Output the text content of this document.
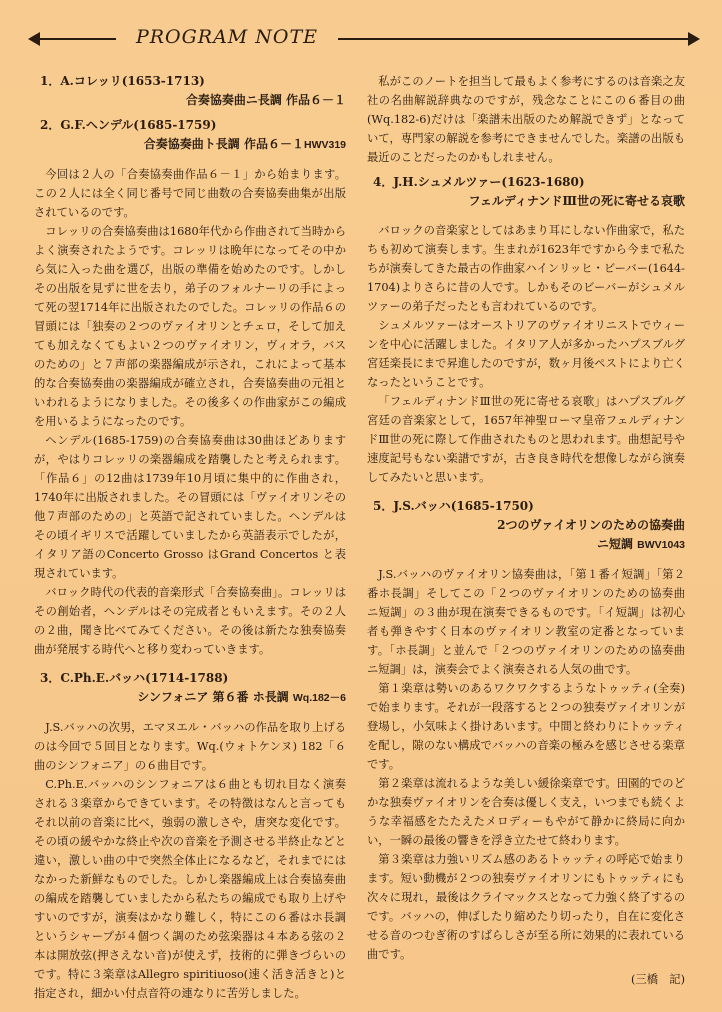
PROGRAM NOTE
1．A.コレッリ(1653-1713)
合奏協奏曲ニ長調 作品６－１
2．G.F.ヘンデル(1685-1759)
合奏協奏曲ト長調 作品６－１HWV319

今回は２人の「合奏協奏曲作品６－１」から始まります。この２人には全く同じ番号で同じ曲数の合奏協奏曲集が出版されているのです。

コレッリの合奏協奏曲は1680年代から作曲されて当時からよく演奏されたようです。コレッリは晩年になってその中から気に入った曲を選び，出版の準備を始めたのです。しかしその出版を見ずに世を去り，弟子のフォルナーリの手によって死の翌1714年に出版されたのでした。コレッリの作品６の冒頭には「独奏の２つのヴァイオリンとチェロ，そして加えても加えなくてもよい２つのヴァイオリン，ヴィオラ，バスのための」と７声部の楽器編成が示され，これによって基本的な合奏協奏曲の楽器編成が確立され，合奏協奏曲の元祖といわれるようになりました。その後多くの作曲家がこの編成を用いるようになったのです。

ヘンデル(1685-1759)の合奏協奏曲は30曲ほどありますが，やはりコレッリの楽器編成を踏襲したと考えられます。「作品６」の12曲は1739年10月頃に集中的に作曲され，1740年に出版されました。その冒頭には「ヴァイオリンその他７声部のための」と英語で記されていました。ヘンデルはその頃イギリスで活躍していましたから英語表示でしたが，イタリア語のConcerto Grosso はGrand Concertos と表現されています。

バロック時代の代表的音楽形式「合奏協奏曲」。コレッリはその創始者，ヘンデルはその完成者ともいえます。その２人の２曲，聞き比べてみてください。その後は新たな独奏協奏曲が発展する時代へと移り変わっていきます。

3．C.Ph.E.バッハ(1714-1788)
シンフォニア 第６番 ホ長調 Wq.182－6

J.S.バッハの次男，エマヌエル・バッハの作品を取り上げるのは今回で５回目となります。Wq.(ウォトケンヌ) 182「６曲のシンフォニア」の６曲目です。

C.Ph.E.バッハのシンフォニアは６曲とも切れ目なく演奏される３楽章からできています。その特徴はなんと言ってもそれ以前の音楽に比べ，強弱の激しさや，唐突な変化です。その頃の緩やかな終止や次の音楽を予測させる半終止などと違い，激しい曲の中で突然全体止になるなど，それまでにはなかった新鮮なものでした。しかし楽器編成上は合奏協奏曲の編成を踏襲していましたから私たちの編成でも取り上げやすいのですが，演奏はかなり難しく，特にこの６番はホ長調というシャープが４個つく調のため弦楽器は４本ある弦の２本は開放弦(押さえない音)が使えず，技術的に弾きづらいのです。特に３楽章はAllegro spiritiuoso(速く活き活きと)と指定され，細かい付点音符の連なりに苦労しました。

私がこのノートを担当して最もよく参考にするのは音楽之友社の名曲解説辞典なのですが，残念なことにこの６番目の曲(Wq.182-6)だけは「楽譜未出版のため解説できず」となっていて，専門家の解説を参考にできませんでした。楽譜の出版も最近のことだったのかもしれません。

4．J.H.シュメルツァー(1623-1680)
フェルディナンドⅢ世の死に寄せる哀歌

バロックの音楽家としてはあまり耳にしない作曲家で，私たちも初めて演奏します。生まれが1623年ですから今まで私たちが演奏してきた最古の作曲家ハインリッヒ・ビーバー(1644-1704)よりさらに昔の人です。しかもそのビーバーがシュメルツァーの弟子だったとも言われているのです。

シュメルツァーはオーストリアのヴァイオリニストでウィーンを中心に活躍しました。イタリア人が多かったハプスブルグ宮廷楽長にまで昇進したのですが，数ヶ月後ペストにより亡くなったということです。

「フェルディナンドⅢ世の死に寄せる哀歌」はハプスブルグ宮廷の音楽家として，1657年神聖ローマ皇帝フェルディナンドⅢ世の死に際して作曲されたものと思われます。曲想記号や速度記号もない楽譜ですが，古き良き時代を想像しながら演奏してみたいと思います。

5．J.S.バッハ(1685-1750)
2つのヴァイオリンのための協奏曲
ニ短調 BWV1043

J.S.バッハのヴァイオリン協奏曲は，「第１番イ短調」「第２番ホ長調」そしてこの「２つのヴァイオリンのための協奏曲 ニ短調」の３曲が現在演奏できるものです。「イ短調」は初心者も弾きやすく日本のヴァイオリン教室の定番となっています。「ホ長調」と並んで「２つのヴァイオリンのための協奏曲 ニ短調」は，演奏会でよく演奏される人気の曲です。

第１楽章は勢いのあるワクワクするようなトゥッティ(全奏)で始まります。それが一段落すると２つの独奏ヴァイオリンが登場し，小気味よく掛けあいます。中間と終わりにトゥッティを配し，隙のない構成でバッハの音楽の極みを感じさせる楽章です。

第２楽章は流れるような美しい緩徐楽章です。田園的でのどかな独奏ヴァイオリンを合奏は優しく支え，いつまでも続くような幸福感をたたえたメロディーもやがて静かに終局に向かい，一瞬の最後の響きを浮き立たせて終わります。

第３楽章は力強いリズム感のあるトゥッティの呼応で始まります。短い動機が２つの独奏ヴァイオリンにもトゥッティにも次々に現れ，最後はクライマックスとなって力強く終了するのです。バッハの，伸ばしたり縮めたり切ったり，自在に変化させる音のつむぎ術のすばらしさが至る所に効果的に表れている曲です。

(三橋　記)
